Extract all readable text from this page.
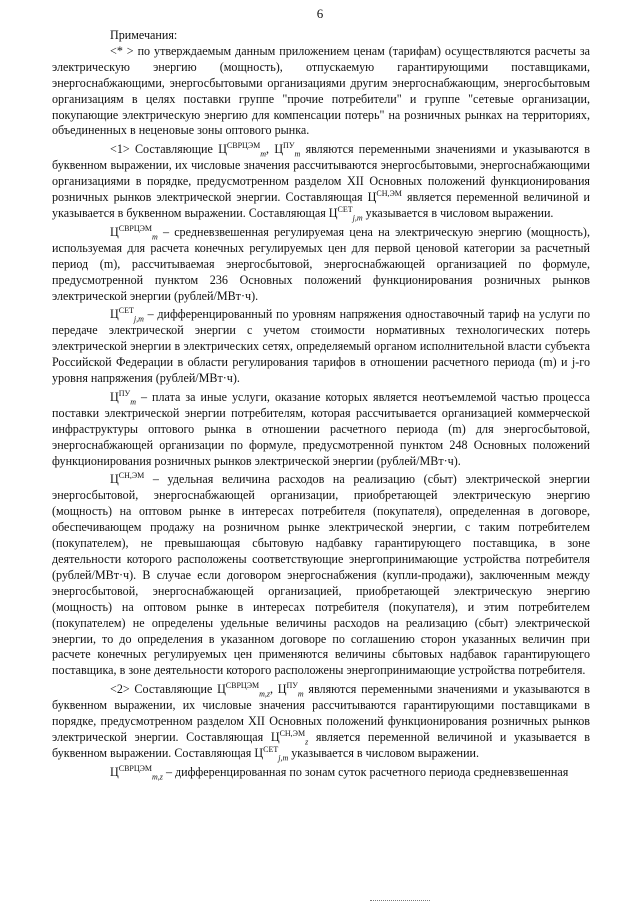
6

Примечания:

<* > по утверждаемым данным приложением ценам (тарифам) осуществляются расчеты за электрическую энергию (мощность), отпускаемую гарантирующими поставщиками, энергоснабжающими, энергосбытовыми организациями другим энергоснабжающим, энергосбытовым организациям в целях поставки группе "прочие потребители" и группе "сетевые организации, покупающие электрическую энергию для компенсации потерь" на розничных рынках на территориях, объединенных в неценовые зоны оптового рынка.

<1> Составляющие $Ц^{СВРЦЭМ}_m$, $Ц^{ПУ}_m$ являются переменными значениями и указываются в буквенном выражении, их числовые значения рассчитываются энергосбытовыми, энергоснабжающими организациями в порядке, предусмотренном разделом XII Основных положений функционирования розничных рынков электрической энергии. Составляющая $Ц^{СН,ЭМ}$ является переменной величиной и указывается в буквенном выражении. Составляющая $Ц^{СЕТ}_{j,m}$ указывается в числовом выражении.

$Ц^{СВРЦЭМ}_m$ – средневзвешенная регулируемая цена на электрическую энергию (мощность), используемая для расчета конечных регулируемых цен для первой ценовой категории за расчетный период (m), рассчитываемая энергосбытовой, энергоснабжающей организацией по формуле, предусмотренной пунктом 236 Основных положений функционирования розничных рынков электрической энергии (рублей/МВт·ч).

$Ц^{СЕТ}_{j,m}$ – дифференцированный по уровням напряжения одноставочный тариф на услуги по передаче электрической энергии с учетом стоимости нормативных технологических потерь электрической энергии в электрических сетях, определяемый органом исполнительной власти субъекта Российской Федерации в области регулирования тарифов в отношении расчетного периода (m) и j-го уровня напряжения (рублей/МВт·ч).

$Ц^{ПУ}_m$ – плата за иные услуги, оказание которых является неотъемлемой частью процесса поставки электрической энергии потребителям, которая рассчитывается организацией коммерческой инфраструктуры оптового рынка в отношении расчетного периода (m) для энергосбытовой, энергоснабжающей организации по формуле, предусмотренной пунктом 248 Основных положений функционирования розничных рынков электрической энергии (рублей/МВт·ч).

$Ц^{СН,ЭМ}$ – удельная величина расходов на реализацию (сбыт) электрической энергии энергосбытовой, энергоснабжающей организации, приобретающей электрическую энергию (мощность) на оптовом рынке в интересах потребителя (покупателя), определенная в договоре, обеспечивающем продажу на розничном рынке электрической энергии, с таким потребителем (покупателем), не превышающая сбытовую надбавку гарантирующего поставщика, в зоне деятельности которого расположены соответствующие энергопринимающие устройства потребителя (рублей/МВт·ч). В случае если договором энергоснабжения (купли-продажи), заключенным между энергосбытовой, энергоснабжающей организацией, приобретающей электрическую энергию (мощность) на оптовом рынке в интересах потребителя (покупателя), и этим потребителем (покупателем) не определены удельные величины расходов на реализацию (сбыт) электрической энергии, то до определения в указанном договоре по соглашению сторон указанных величин при расчете конечных регулируемых цен применяются величины сбытовых надбавок гарантирующего поставщика, в зоне деятельности которого расположены энергопринимающие устройства потребителя.

<2> Составляющие $Ц^{СВРЦЭМ}_{m,z}$, $Ц^{ПУ}_m$ являются переменными значениями и указываются в буквенном выражении, их числовые значения рассчитываются гарантирующими поставщиками в порядке, предусмотренном разделом XII Основных положений функционирования розничных рынков электрической энергии. Составляющая $Ц^{СН,ЭМ}_z$ является переменной величиной и указывается в буквенном выражении. Составляющая $Ц^{СЕТ}_{j,m}$ указывается в числовом выражении.

$Ц^{СВРЦЭМ}_{m,z}$ – дифференцированная по зонам суток расчетного периода средневзвешенная
